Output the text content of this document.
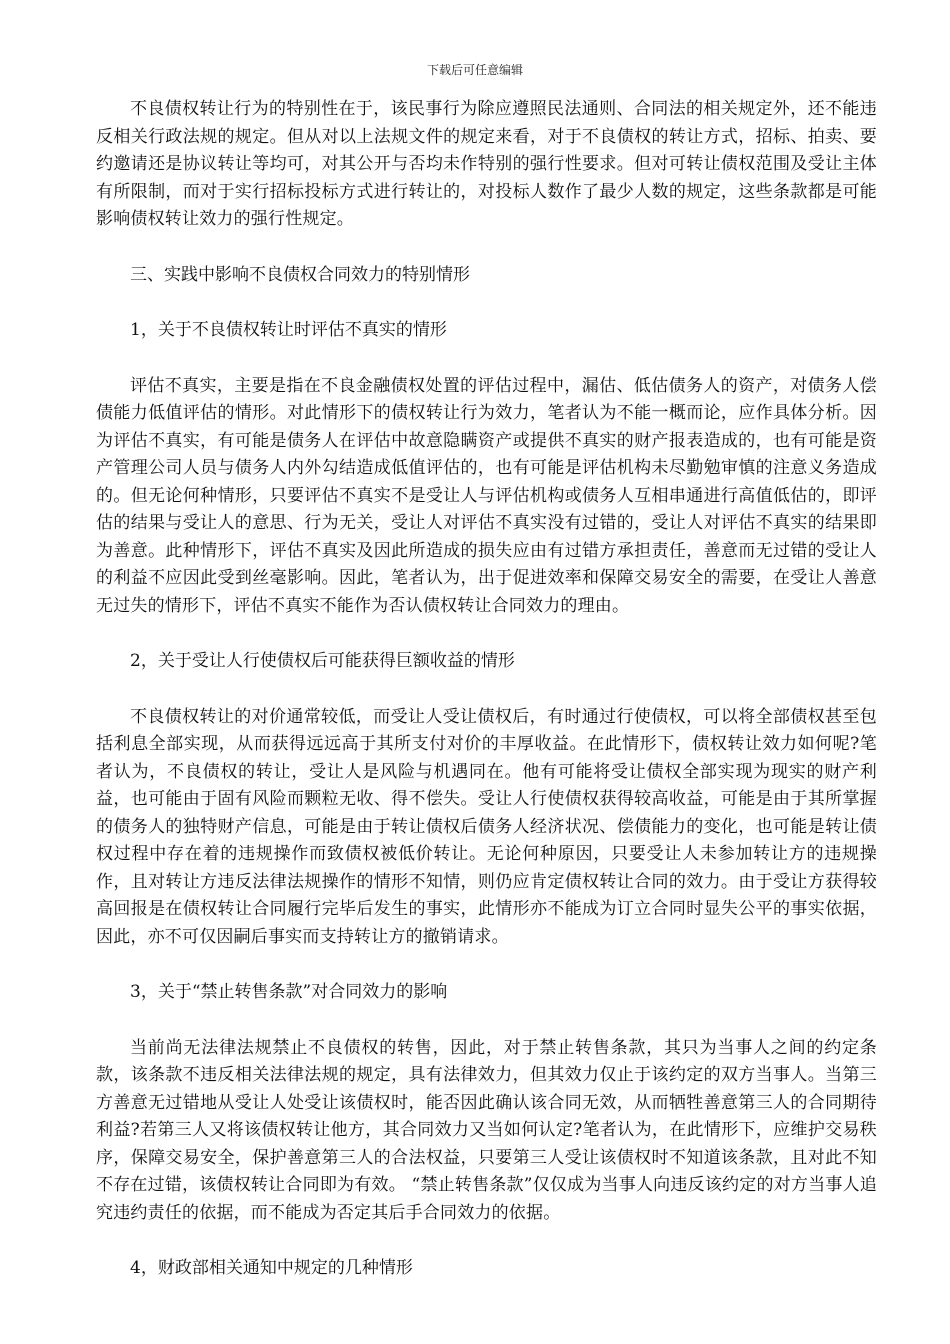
下载后可任意编辑

不良债权转让行为的特别性在于，该民事行为除应遵照民法通则、合同法的相关规定外，还不能违反相关行政法规的规定。但从对以上法规文件的规定来看，对于不良债权的转让方式，招标、拍卖、要约邀请还是协议转让等均可，对其公开与否均未作特别的强行性要求。但对可转让债权范围及受让主体有所限制，而对于实行招标投标方式进行转让的，对投标人数作了最少人数的规定，这些条款都是可能影响债权转让效力的强行性规定。

三、实践中影响不良债权合同效力的特别情形

1，关于不良债权转让时评估不真实的情形

评估不真实，主要是指在不良金融债权处置的评估过程中，漏估、低估债务人的资产，对债务人偿债能力低值评估的情形。对此情形下的债权转让行为效力，笔者认为不能一概而论，应作具体分析。因为评估不真实，有可能是债务人在评估中故意隐瞒资产或提供不真实的财产报表造成的，也有可能是资产管理公司人员与债务人内外勾结造成低值评估的，也有可能是评估机构未尽勤勉审慎的注意义务造成的。但无论何种情形，只要评估不真实不是受让人与评估机构或债务人互相串通进行高值低估的，即评估的结果与受让人的意思、行为无关，受让人对评估不真实没有过错的，受让人对评估不真实的结果即为善意。此种情形下，评估不真实及因此所造成的损失应由有过错方承担责任，善意而无过错的受让人的利益不应因此受到丝毫影响。因此，笔者认为，出于促进效率和保障交易安全的需要，在受让人善意无过失的情形下，评估不真实不能作为否认债权转让合同效力的理由。

2，关于受让人行使债权后可能获得巨额收益的情形

不良债权转让的对价通常较低，而受让人受让债权后，有时通过行使债权，可以将全部债权甚至包括利息全部实现，从而获得远远高于其所支付对价的丰厚收益。在此情形下，债权转让效力如何呢?笔者认为，不良债权的转让，受让人是风险与机遇同在。他有可能将受让债权全部实现为现实的财产利益，也可能由于固有风险而颗粒无收、得不偿失。受让人行使债权获得较高收益，可能是由于其所掌握的债务人的独特财产信息，可能是由于转让债权后债务人经济状况、偿债能力的变化，也可能是转让债权过程中存在着的违规操作而致债权被低价转让。无论何种原因，只要受让人未参加转让方的违规操作，且对转让方违反法律法规操作的情形不知情，则仍应肯定债权转让合同的效力。由于受让方获得较高回报是在债权转让合同履行完毕后发生的事实，此情形亦不能成为订立合同时显失公平的事实依据，因此，亦不可仅因嗣后事实而支持转让方的撤销请求。

3，关于“禁止转售条款”对合同效力的影响

当前尚无法律法规禁止不良债权的转售，因此，对于禁止转售条款，其只为当事人之间的约定条款，该条款不违反相关法律法规的规定，具有法律效力，但其效力仅止于该约定的双方当事人。当第三方善意无过错地从受让人处受让该债权时，能否因此确认该合同无效，从而牺牲善意第三人的合同期待利益?若第三人又将该债权转让他方，其合同效力又当如何认定?笔者认为，在此情形下，应维护交易秩序，保障交易安全，保护善意第三人的合法权益，只要第三人受让该债权时不知道该条款，且对此不知不存在过错，该债权转让合同即为有效。 “禁止转售条款”仅仅成为当事人向违反该约定的对方当事人追究违约责任的依据，而不能成为否定其后手合同效力的依据。

4，财政部相关通知中规定的几种情形
